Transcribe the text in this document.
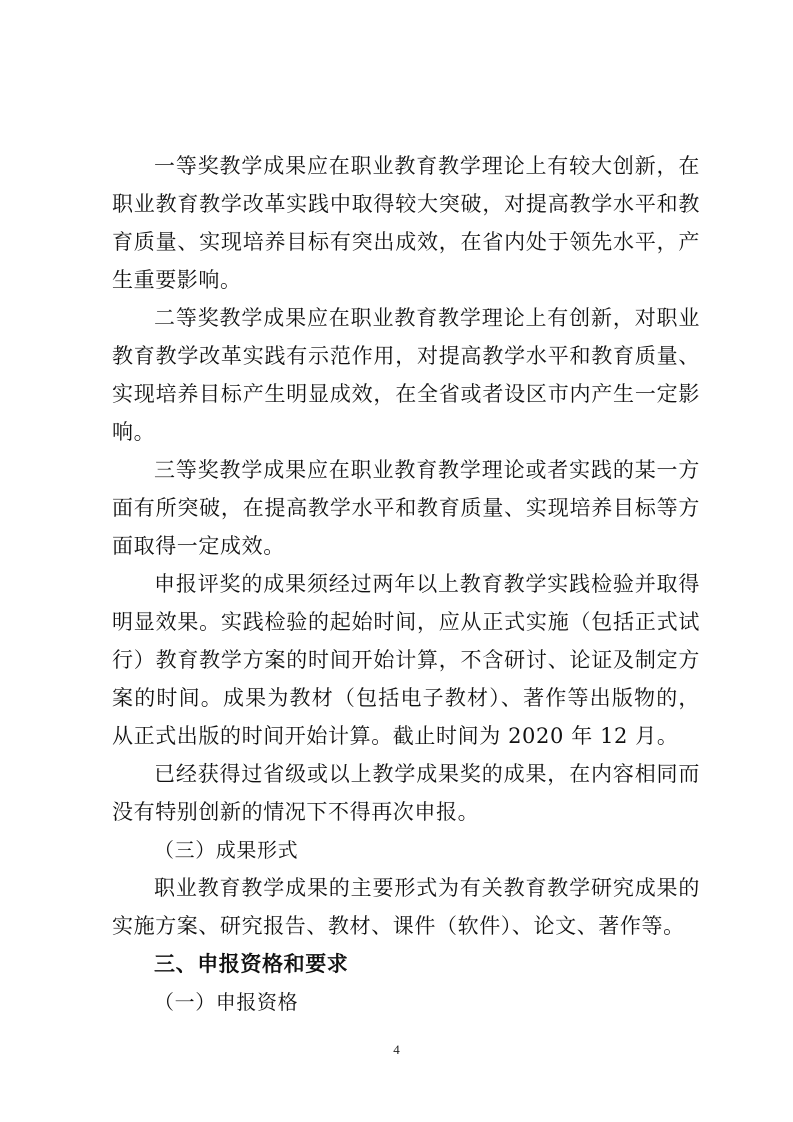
一等奖教学成果应在职业教育教学理论上有较大创新，在职业教育教学改革实践中取得较大突破，对提高教学水平和教育质量、实现培养目标有突出成效，在省内处于领先水平，产生重要影响。

二等奖教学成果应在职业教育教学理论上有创新，对职业教育教学改革实践有示范作用，对提高教学水平和教育质量、实现培养目标产生明显成效，在全省或者设区市内产生一定影响。

三等奖教学成果应在职业教育教学理论或者实践的某一方面有所突破，在提高教学水平和教育质量、实现培养目标等方面取得一定成效。

申报评奖的成果须经过两年以上教育教学实践检验并取得明显效果。实践检验的起始时间，应从正式实施（包括正式试行）教育教学方案的时间开始计算，不含研讨、论证及制定方案的时间。成果为教材（包括电子教材）、著作等出版物的，从正式出版的时间开始计算。截止时间为 2020 年 12 月。

已经获得过省级或以上教学成果奖的成果，在内容相同而没有特别创新的情况下不得再次申报。

（三）成果形式

职业教育教学成果的主要形式为有关教育教学研究成果的实施方案、研究报告、教材、课件（软件）、论文、著作等。

三、申报资格和要求

（一）申报资格

4
